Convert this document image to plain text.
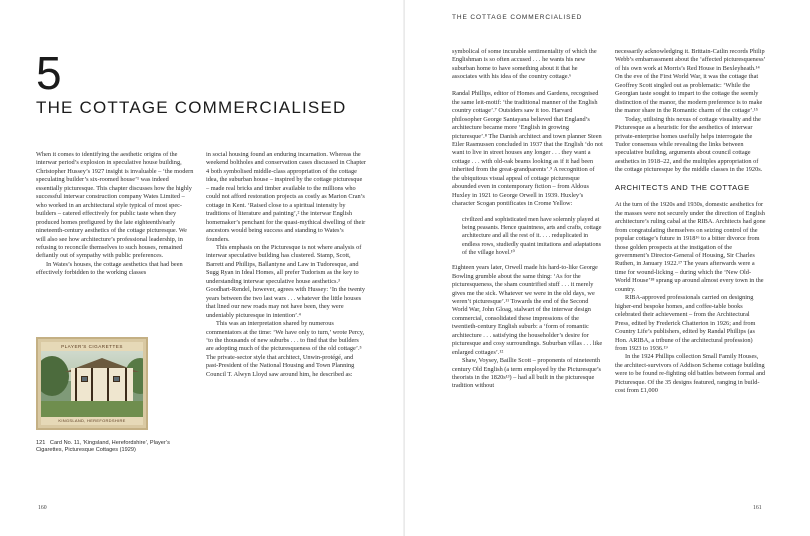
5
THE COTTAGE COMMERCIALISED

When it comes to identifying the aesthetic origins of the interwar period’s explosion in speculative house building, Christopher Hussey’s 1927 insight is invaluable – ‘the modern speculating builder’s six-roomed house’¹ was indeed essentially picturesque. This chapter discusses how the highly successful interwar construction company Wates Limited – who worked in an architectural style typical of most spec-builders – catered effectively for public taste when they produced homes prefigured by the late eighteenth/early nineteenth-century aesthetics of the cottage picturesque. We will also see how architecture’s professional leadership, in refusing to reconcile themselves to such houses, remained defiantly out of sympathy with public preferences.

In Wates’s houses, the cottage aesthetics that had been effectively forbidden to the working classes

PLAYER'S CIGARETTES
KINGSLAND, HEREFORDSHIRE
121 Card No. 11, ‘Kingsland, Herefordshire’, Player’s Cigarettes, Picturesque Cottages (1929)

in social housing found an enduring incarnation. Whereas the weekend boltholes and conservation cases discussed in Chapter 4 both symbolised middle-class appropriation of the cottage idea, the suburban house – inspired by the cottage picturesque – made real bricks and timber available to the millions who could not afford restoration projects as costly as Marion Cran’s cottage in Kent. ‘Raised close to a spiritual intensity by traditions of literature and painting’,² the interwar English homemaker’s penchant for the quasi-mythical dwelling of their ancestors would being success and standing to Wates’s founders.

This emphasis on the Picturesque is not where analysis of interwar speculative building has clustered. Stamp, Scott, Barrett and Phillips, Ballantyne and Law in Tudoresque, and Sugg Ryan in Ideal Homes, all prefer Tudorism as the key to understanding interwar speculative house aesthetics.³ Goodhart-Rendel, however, agrees with Hussey: ‘In the twenty years between the two last wars . . . whatever the little houses that lined our new roads may not have been, they were undeniably picturesque in intention’.⁴

This was an interpretation shared by numerous commentators at the time: ‘We have only to turn,’ wrote Percy, ‘to the thousands of new suburbs . . . to find that the builders are adopting much of the picturesqueness of the old cottage’.⁵ The private-sector style that architect, Unwin-protégé, and past-President of the National Housing and Town Planning Council T. Alwyn Lloyd saw around him, he described as:

160
THE COTTAGE COMMERCIALISED

symbolical of some incurable sentimentality of which the Englishman is so often accused . . . he wants his new suburban home to have something about it that he associates with his idea of the country cottage.⁶

Randal Phillips, editor of Homes and Gardens, recognised the same leit-motif: ‘the traditional manner of the English country cottage’.⁷ Outsiders saw it too. Harvard philosopher George Santayana believed that England’s architecture became more ‘English in growing picturesque’.⁸ The Danish architect and town planner Steen Eiler Rasmussen concluded in 1937 that the English ‘do not want to live in street houses any longer . . . they want a cottage . . . with old-oak beams looking as if it had been inherited from the great-grandparents’.⁹ A recognition of the ubiquitous visual appeal of cottage picturesque abounded even in contemporary fiction – from Aldous Huxley in 1921 to George Orwell in 1939. Huxley’s character Scogan pontificates in Crome Yellow:

civilized and sophisticated men have solemnly played at being peasants. Hence quaintness, arts and crafts, cottage architecture and all the rest of it. . . . reduplicated in endless rows, studiedly quaint imitations and adaptations of the village hovel.¹⁰

Eighteen years later, Orwell made his hard-to-like George Bowling grumble about the same thing: ‘As for the picturesqueness, the sham countrified stuff . . . it merely gives me the sick. Whatever we were in the old days, we weren’t picturesque’.¹¹ Towards the end of the Second World War, John Gloag, stalwart of the interwar design commercial, consolidated these impressions of the twentieth-century English suburb: a ‘form of romantic architecture . . . satisfying the householder’s desire for picturesque and cosy surroundings. Suburban villas . . . like enlarged cottages’.¹²

Shaw, Voysey, Baillie Scott – proponents of nineteenth century Old English (a term employed by the Picturesque’s theorists in the 1820s¹³) – had all built in the picturesque tradition without

necessarily acknowledging it. Brittain-Catlin records Philip Webb’s embarrassment about the ‘affected picturesqueness’ of his own work at Morris’s Red House in Bexleyheath.¹⁴ On the eve of the First World War, it was the cottage that Geoffrey Scott singled out as problematic: ‘While the Georgian taste sought to impart to the cottage the seemly distinction of the manor, the modern preference is to make the manor share in the Romantic charm of the cottage’.¹⁵

Today, utilising this nexus of cottage visuality and the Picturesque as a heuristic for the aesthetics of interwar private-enterprise homes usefully helps interrogate the Tudor consensus while revealing the links between speculative building, arguments about council cottage aesthetics in 1918–22, and the multiples appropriation of the cottage picturesque by the middle classes in the 1920s.

ARCHITECTS AND THE COTTAGE

At the turn of the 1920s and 1930s, domestic aesthetics for the masses were not securely under the direction of English architecture’s ruling cabal at the RIBA. Architects had gone from congratulating themselves on seizing control of the popular cottage’s future in 1918¹⁶ to a bitter divorce from those golden prospects at the instigation of the government’s Director-General of Housing, Sir Charles Ruthen, in January 1922.¹⁷ The years afterwards were a time for wound-licking – during which the ‘New Old-World House’¹⁸ sprang up around almost every town in the country.

RIBA-approved professionals carried on designing higher-end bespoke homes, and coffee-table books celebrated their achievement – from the Architectural Press, edited by Frederick Chatterton in 1926; and from Country Life’s publishers, edited by Randal Phillips (as Hon. ARIBA, a tribune of the architectural profession) from 1923 to 1936.¹⁹

In the 1924 Phillips collection Small Family Houses, the architect-survivors of Addison Scheme cottage building were to be found re-fighting old battles between formal and Picturesque. Of the 35 designs featured, ranging in build-cost from £1,000

161
